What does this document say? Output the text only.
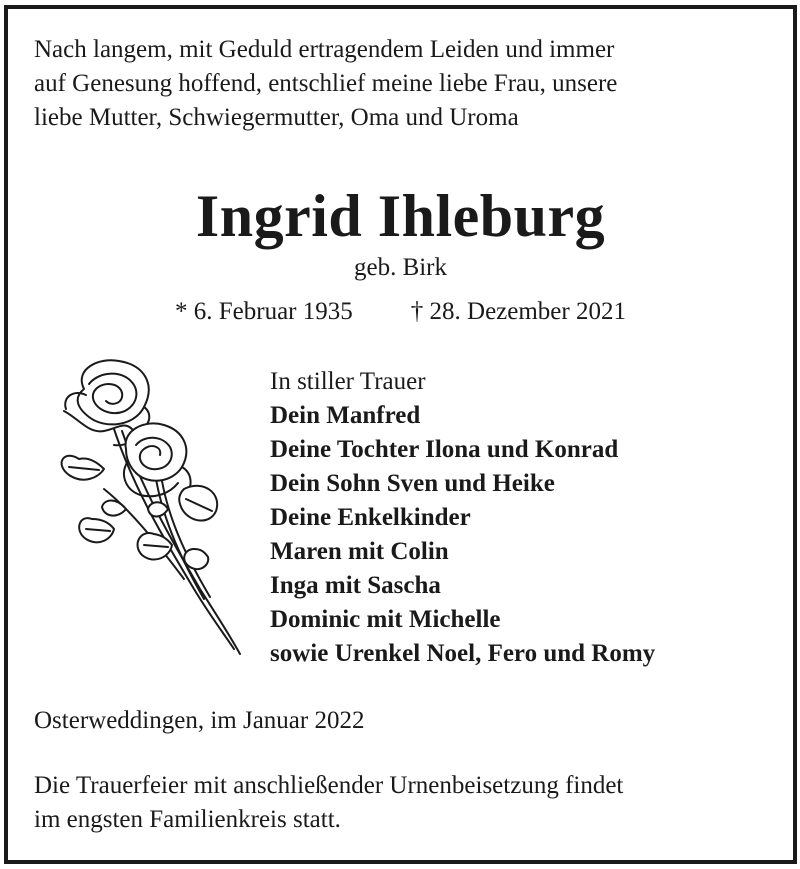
Nach langem, mit Geduld ertragendem Leiden und immer
auf Genesung hoffend, entschlief meine liebe Frau, unsere
liebe Mutter, Schwiegermutter, Oma und Uroma
Ingrid Ihleburg
geb. Birk
* 6. Februar 1935 † 28. Dezember 2021
In stiller Trauer
Dein Manfred
Deine Tochter Ilona und Konrad
Dein Sohn Sven und Heike
Deine Enkelkinder
Maren mit Colin
Inga mit Sascha
Dominic mit Michelle
sowie Urenkel Noel, Fero und Romy
Osterweddingen, im Januar 2022
Die Trauerfeier mit anschließender Urnenbeisetzung findet
im engsten Familienkreis statt.
